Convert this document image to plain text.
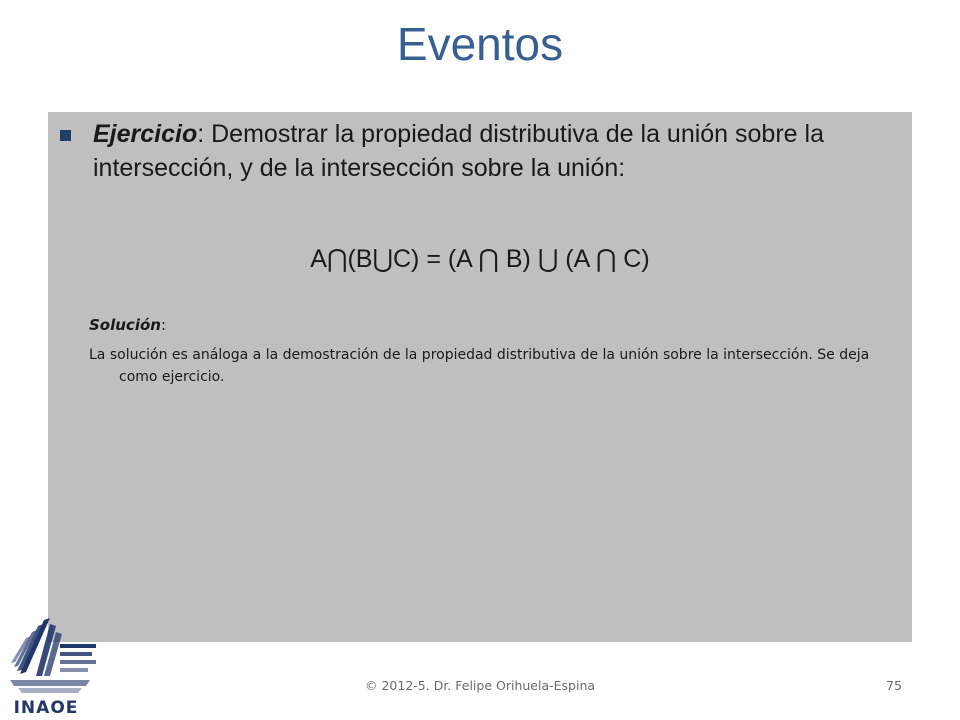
Eventos
Ejercicio: Demostrar la propiedad distributiva de la unión sobre la intersección, y de la intersección sobre la unión:
A⋂(B⋃C) = (A ⋂ B) ⋃ (A ⋂ C)
Solución:
La solución es análoga a la demostración de la propiedad distributiva de la unión sobre la intersección. Se deja como ejercicio.
INAOE
© 2012-5. Dr. Felipe Orihuela-Espina	75
